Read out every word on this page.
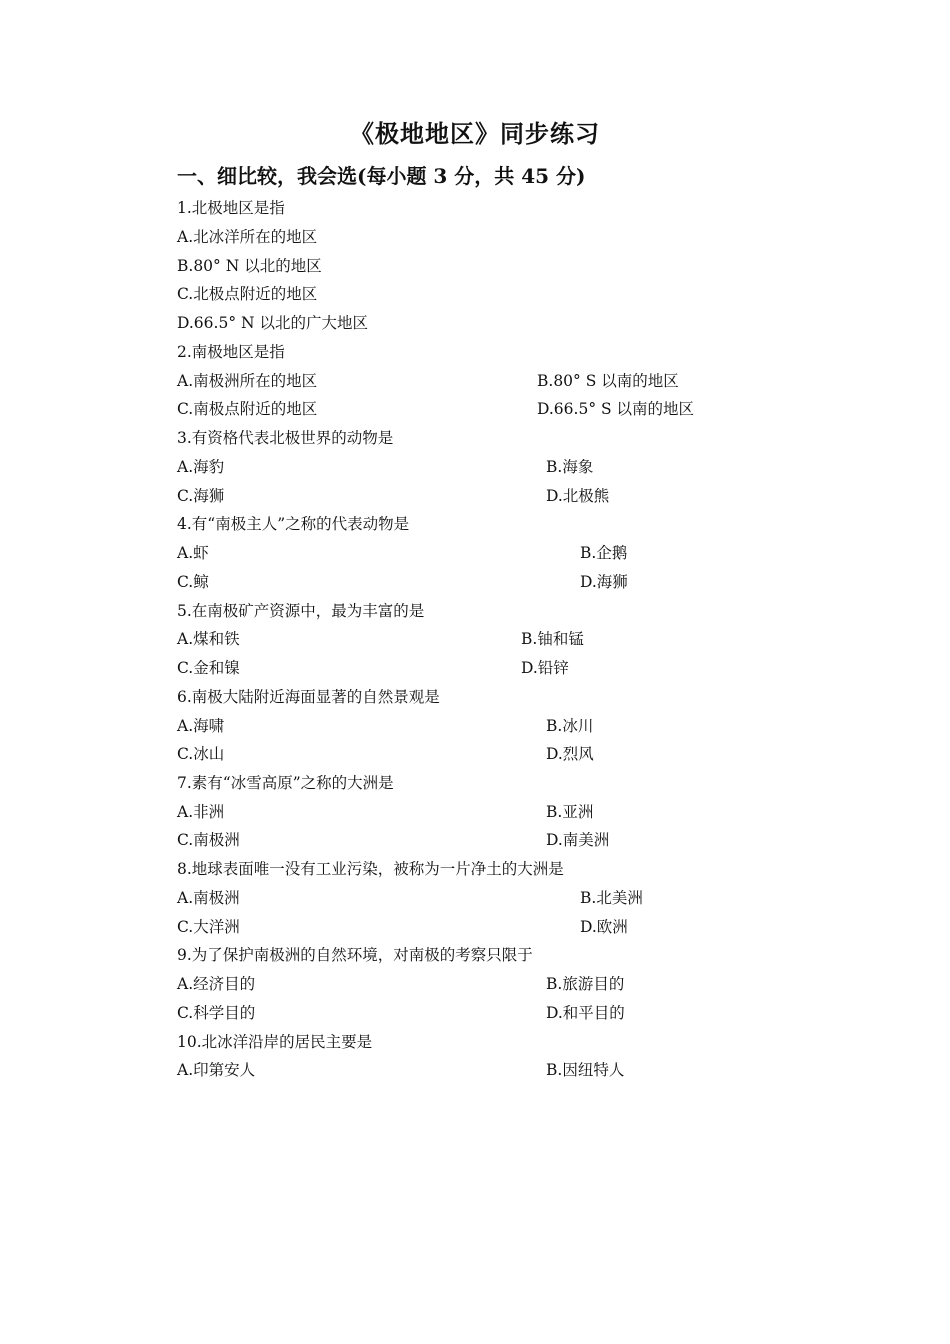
《极地地区》同步练习
一、细比较，我会选(每小题 3 分，共 45 分)
1.北极地区是指
A.北冰洋所在的地区
B.80° N 以北的地区
C.北极点附近的地区
D.66.5° N 以北的广大地区
2.南极地区是指
A.南极洲所在的地区	B.80° S 以南的地区
C.南极点附近的地区	D.66.5° S 以南的地区
3.有资格代表北极世界的动物是
A.海豹	B.海象
C.海狮	D.北极熊
4.有“南极主人”之称的代表动物是
A.虾	B.企鹅
C.鲸	D.海狮
5.在南极矿产资源中，最为丰富的是
A.煤和铁	B.铀和锰
C.金和镍	D.铅锌
6.南极大陆附近海面显著的自然景观是
A.海啸	B.冰川
C.冰山	D.烈风
7.素有“冰雪高原”之称的大洲是
A.非洲	B.亚洲
C.南极洲	D.南美洲
8.地球表面唯一没有工业污染，被称为一片净土的大洲是
A.南极洲	B.北美洲
C.大洋洲	D.欧洲
9.为了保护南极洲的自然环境，对南极的考察只限于
A.经济目的	B.旅游目的
C.科学目的	D.和平目的
10.北冰洋沿岸的居民主要是
A.印第安人	B.因纽特人
